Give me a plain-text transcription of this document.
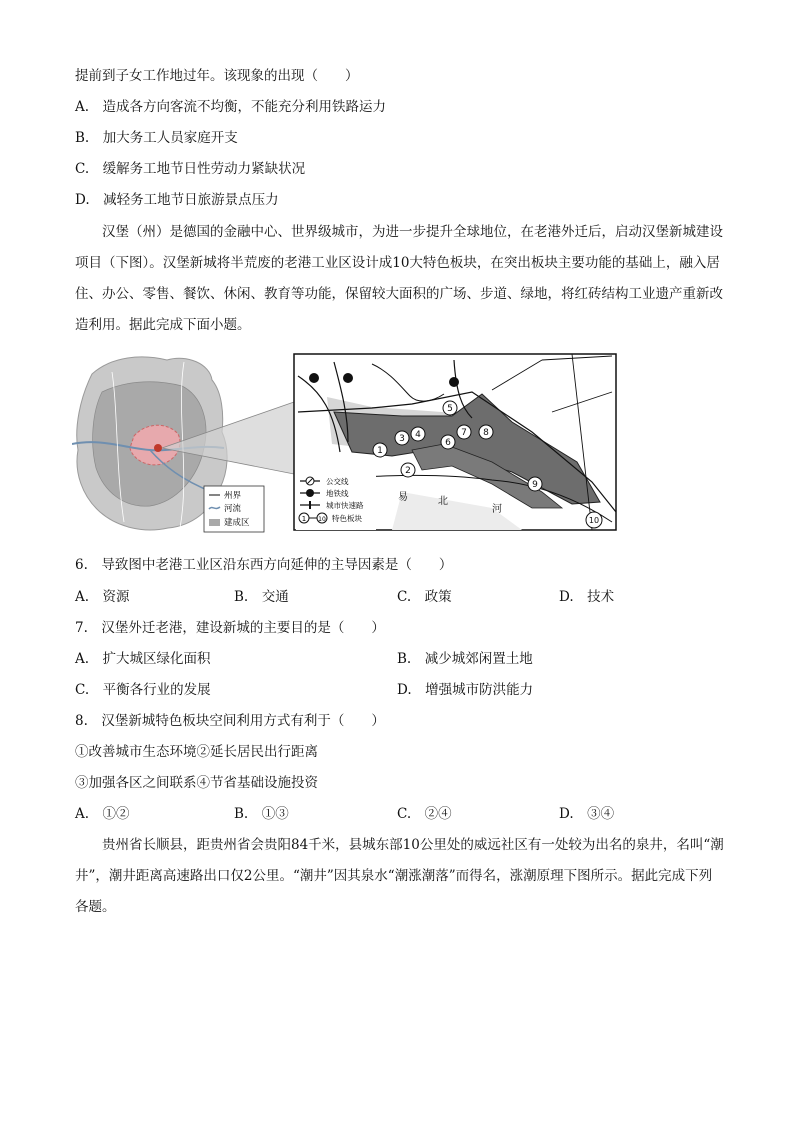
提前到子女工作地过年。该现象的出现（　　）
A.　造成各方向客流不均衡，不能充分利用铁路运力
B.　加大务工人员家庭开支
C.　缓解务工地节日性劳动力紧缺状况
D.　减轻务工地节日旅游景点压力
汉堡（州）是德国的金融中心、世界级城市，为进一步提升全球地位，在老港外迁后，启动汉堡新城建设项目（下图）。汉堡新城将半荒废的老港工业区设计成10大特色板块，在突出板块主要功能的基础上，融入居住、办公、零售、餐饮、休闲、教育等功能，保留较大面积的广场、步道、绿地，将红砖结构工业遗产重新改造利用。据此完成下面小题。
州界
河流
建成区
1
2
3 4
5
6
7 8
9
10
易	北
河
1 10
公交线
地铁线
城市快速路
特色板块
6.　导致图中老港工业区沿东西方向延伸的主导因素是（　　）
A.　资源	B.　交通	C.　政策	D.　技术
7.　汉堡外迁老港，建设新城的主要目的是（　　）
A.　扩大城区绿化面积	B.　减少城郊闲置土地
C.　平衡各行业的发展	D.　增强城市防洪能力
8.　汉堡新城特色板块空间利用方式有利于（　　）
①改善城市生态环境②延长居民出行距离
③加强各区之间联系④节省基础设施投资
A.　①②	B.　①③	C.　②④	D.　③④
贵州省长顺县，距贵州省会贵阳84千米，县城东部10公里处的威远社区有一处较为出名的泉井，名叫“潮井”，潮井距离高速路出口仅2公里。“潮井”因其泉水“潮涨潮落”而得名，涨潮原理下图所示。据此完成下列各题。
